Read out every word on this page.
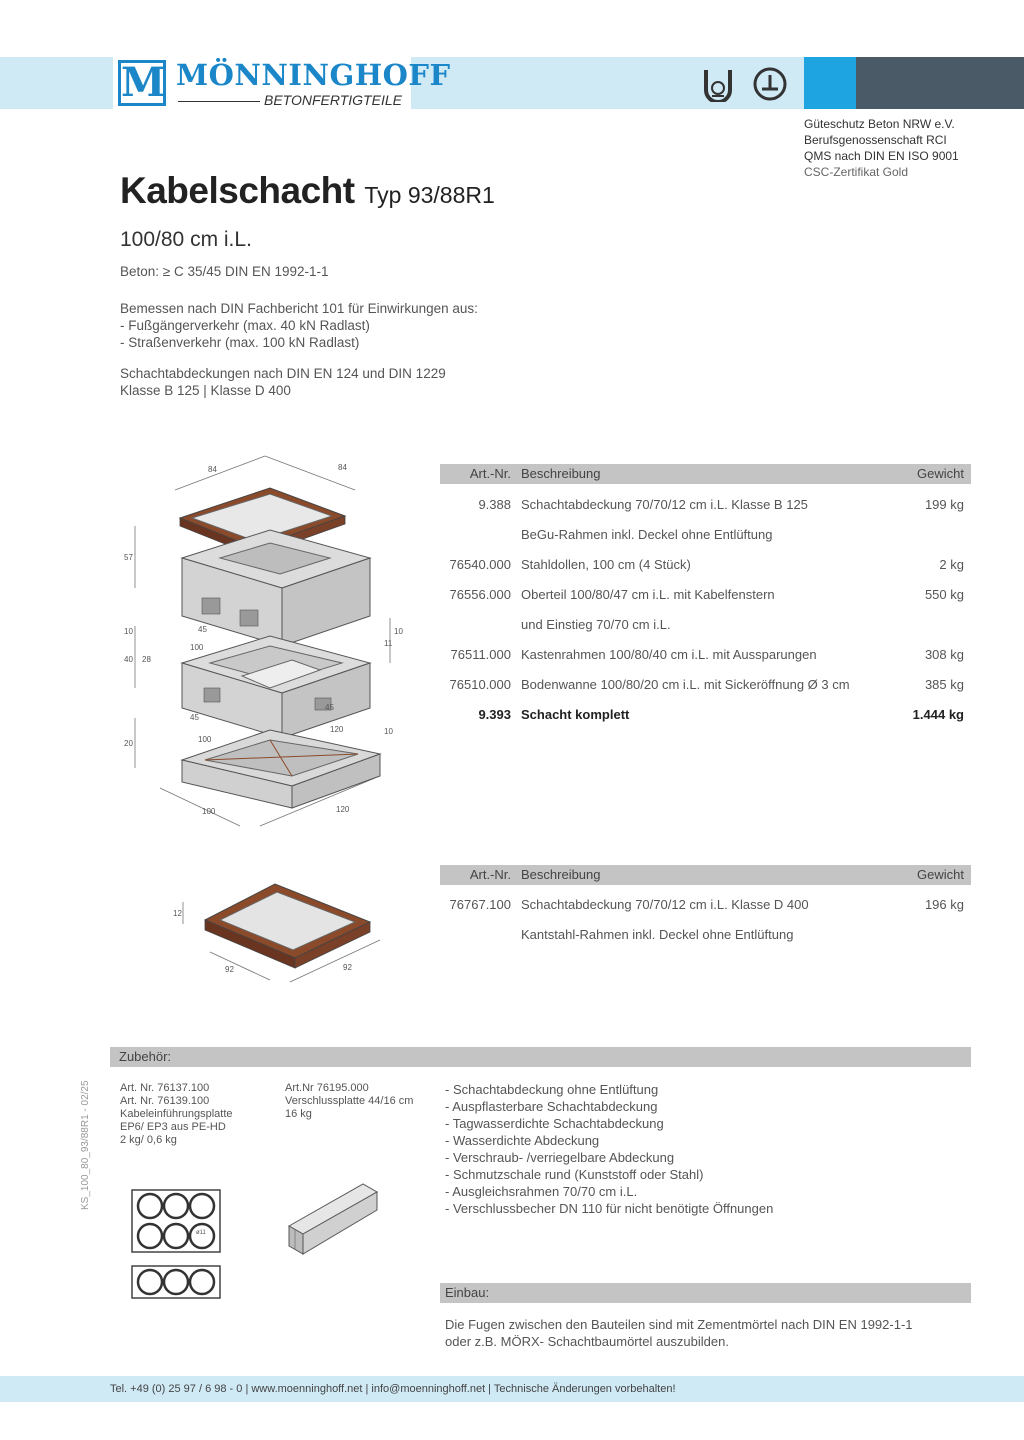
M MÖNNINGHOFF
BETONFERTIGTEILE
Güteschutz Beton NRW e.V.
Berufsgenossenschaft RCI
QMS nach DIN EN ISO 9001
CSC-Zertifikat Gold
Kabelschacht Typ 93/88R1
100/80 cm i.L.
Beton: ≥ C 35/45 DIN EN 1992-1-1
Bemessen nach DIN Fachbericht 101 für Einwirkungen aus:
- Fußgängerverkehr (max. 40 kN Radlast)
- Straßenverkehr (max. 100 kN Radlast)
Schachtabdeckungen nach DIN EN 124 und DIN 1229
Klasse B 125 | Klasse D 400
84	84
57
10
40 28
45
100
45
100
45
10
11
120	10
20
100	120
Art.-Nr. Beschreibung	Gewicht
9.388 Schachtabdeckung 70/70/12 cm i.L. Klasse B 125	199 kg
BeGu-Rahmen inkl. Deckel ohne Entlüftung
76540.000 Stahldollen, 100 cm (4 Stück)	2 kg
76556.000 Oberteil 100/80/47 cm i.L. mit Kabelfenstern	550 kg
und Einstieg 70/70 cm i.L.
76511.000 Kastenrahmen 100/80/40 cm i.L. mit Aussparungen	308 kg
76510.000 Bodenwanne 100/80/20 cm i.L. mit Sickeröffnung Ø 3 cm	385 kg
9.393 Schacht komplett	1.444 kg
12
92	92
Art.-Nr. Beschreibung	Gewicht
76767.100 Schachtabdeckung 70/70/12 cm i.L. Klasse D 400	196 kg
Kantstahl-Rahmen inkl. Deckel ohne Entlüftung
Zubehör:
Art. Nr. 76137.100
Art. Nr. 76139.100
Kabeleinführungsplatte
EP6/ EP3 aus PE-HD
2 kg/ 0,6 kg
Art.Nr 76195.000
Verschlussplatte 44/16 cm
16 kg
ø11
- Schachtabdeckung ohne Entlüftung
- Auspflasterbare Schachtabdeckung
- Tagwasserdichte Schachtabdeckung
- Wasserdichte Abdeckung
- Verschraub- /verriegelbare Abdeckung
- Schmutzschale rund (Kunststoff oder Stahl)
- Ausgleichsrahmen 70/70 cm i.L.
- Verschlussbecher DN 110 für nicht benötigte Öffnungen
Einbau:
Die Fugen zwischen den Bauteilen sind mit Zementmörtel nach DIN EN 1992-1-1
oder z.B. MÖRX- Schachtbaumörtel auszubilden.
KS_100_80_93/88R1 - 02/25
Tel. +49 (0) 25 97 / 6 98 - 0 | www.moenninghoff.net | info@moenninghoff.net | Technische Änderungen vorbehalten!
